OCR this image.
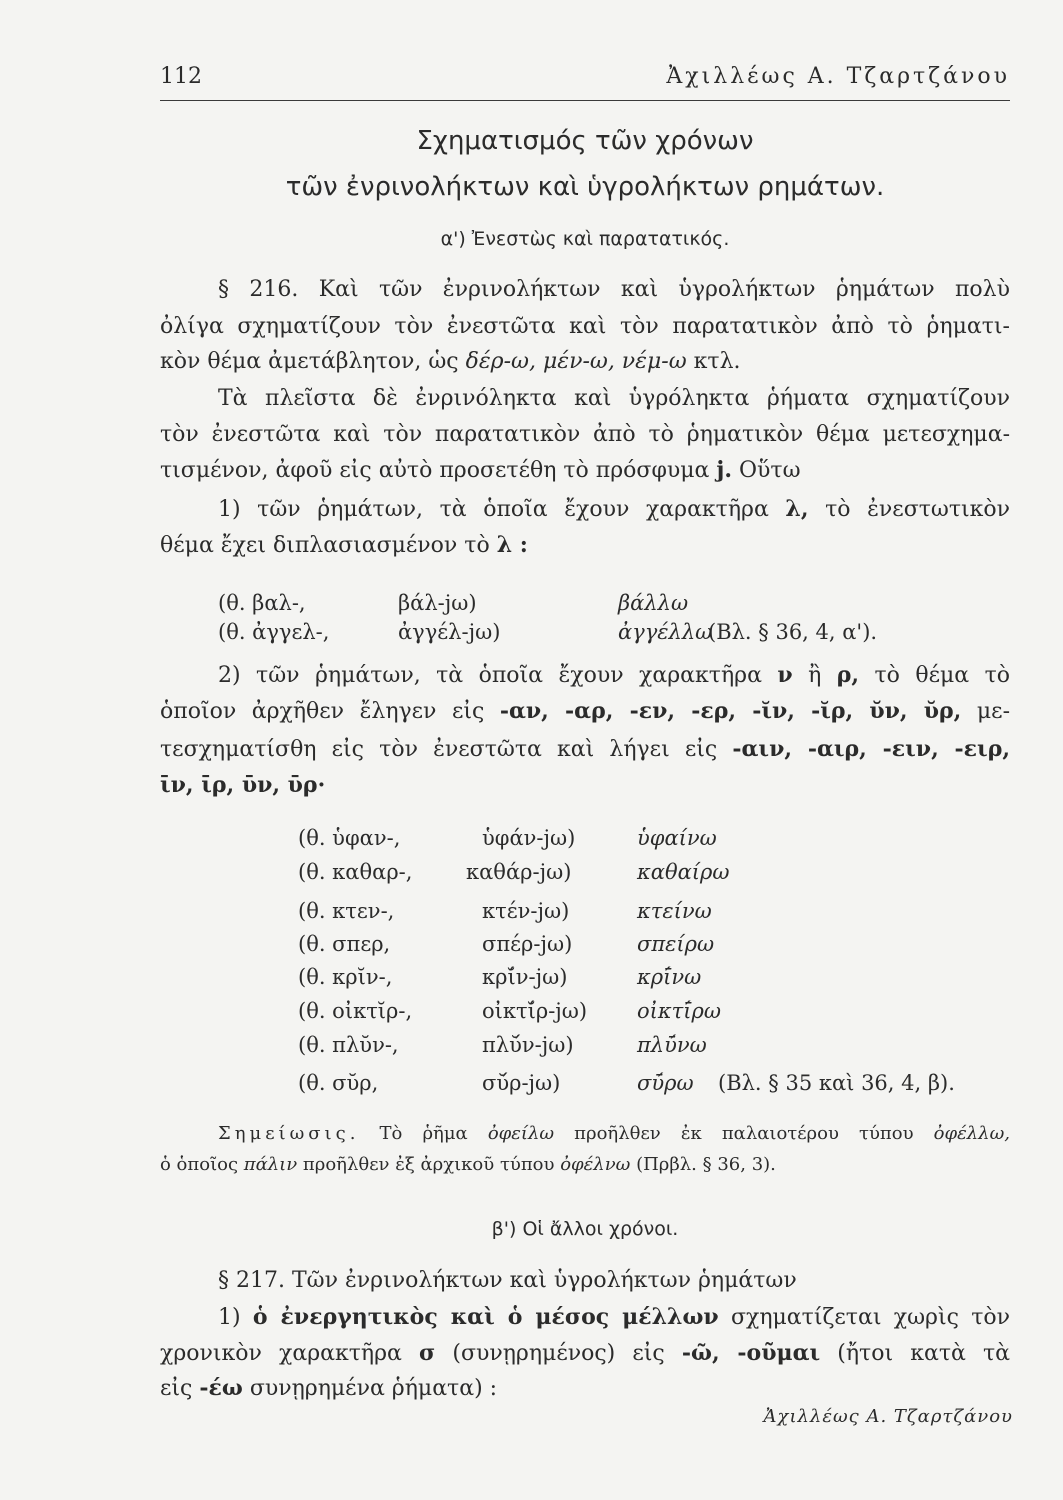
112	Ἀχιλλέως Α. Τζαρτζάνου
Σχηματισμός τῶν χρόνων
τῶν ἐνρινολήκτων καὶ ὑγρολήκτων ρημάτων.
α') Ἐνεστὼς καὶ παρατατικός.
§ 216. Καὶ τῶν ἐνρινολήκτων καὶ ὑγρολήκτων ῥημάτων πολὺ
ὀλίγα σχηματίζουν τὸν ἐνεστῶτα καὶ τὸν παρατατικὸν ἀπὸ τὸ ῥηματι-
κὸν θέμα ἀμετάβλητον, ὡς δέρ-ω, μέν-ω, νέμ-ω κτλ.
Τὰ πλεῖστα δὲ ἐνρινόληκτα καὶ ὑγρόληκτα ῥήματα σχηματίζουν
τὸν ἐνεστῶτα καὶ τὸν παρατατικὸν ἀπὸ τὸ ῥηματικὸν θέμα μετεσχημα-
τισμένον, ἀφοῦ εἰς αὐτὸ προσετέθη τὸ πρόσφυμα j. Οὕτω
1) τῶν ῥημάτων, τὰ ὁποῖα ἔχουν χαρακτῆρα λ, τὸ ἐνεστωτικὸν
θέμα ἔχει διπλασιασμένον τὸ λ :
(θ. βαλ-,	βάλ-jω)	βάλλω
(θ. ἀγγελ-,	ἀγγέλ-jω)	ἀγγέλλω
(Βλ. § 36, 4, α').
2) τῶν ῥημάτων, τὰ ὁποῖα ἔχουν χαρακτῆρα ν ἢ ρ, τὸ θέμα τὸ
ὁποῖον ἀρχῆθεν ἔληγεν εἰς -αν, -αρ, -εν, -ερ, -ῐν, -ῐρ, ῠν, ῠρ, με-
τεσχηματίσθη εἰς τὸν ἐνεστῶτα καὶ λήγει εἰς -αιν, -αιρ, -ειν, -ειρ,
ῑν, ῑρ, ῡν, ῡρ·
(θ. ὑφαν-,	ὑφάν-jω)	ὑφαίνω
(θ. καθαρ-,	καθάρ-jω)	καθαίρω
(θ. κτεν-,	κτέν-jω)	κτείνω
(θ. σπερ,	σπέρ-jω)	σπείρω
(θ. κρῐν-,	κρῐ́ν-jω)	κρῑ́νω
(θ. οἰκτῐρ-,	οἰκτῐ́ρ-jω) οἰκτῑ́ρω
(θ. πλῠν-,	πλῠ́ν-jω)	πλῡ́νω
(θ. σῠρ,	σῠ́ρ-jω)	σῡ́ρω (Βλ. § 35 καὶ 36, 4, β).
Σημείωσις. Τὸ ῥῆμα ὀφείλω προῆλθεν ἐκ παλαιοτέρου τύπου ὀφέλλω,
ὁ ὁποῖος πάλιν προῆλθεν ἐξ ἀρχικοῦ τύπου ὀφέλνω (Πρβλ. § 36, 3).
β') Οἱ ἄλλοι χρόνοι.
§ 217. Τῶν ἐνρινολήκτων καὶ ὑγρολήκτων ῥημάτων
1) ὁ ἐνεργητικὸς καὶ ὁ μέσος μέλλων σχηματίζεται χωρὶς τὸν
χρονικὸν χαρακτῆρα σ (συνῃρημένος) εἰς -ῶ, -οῦμαι (ἤτοι κατὰ τὰ
εἰς -έω συνῃρημένα ῥήματα) :
Ἀχιλλέως Α. Τζαρτζάνου
